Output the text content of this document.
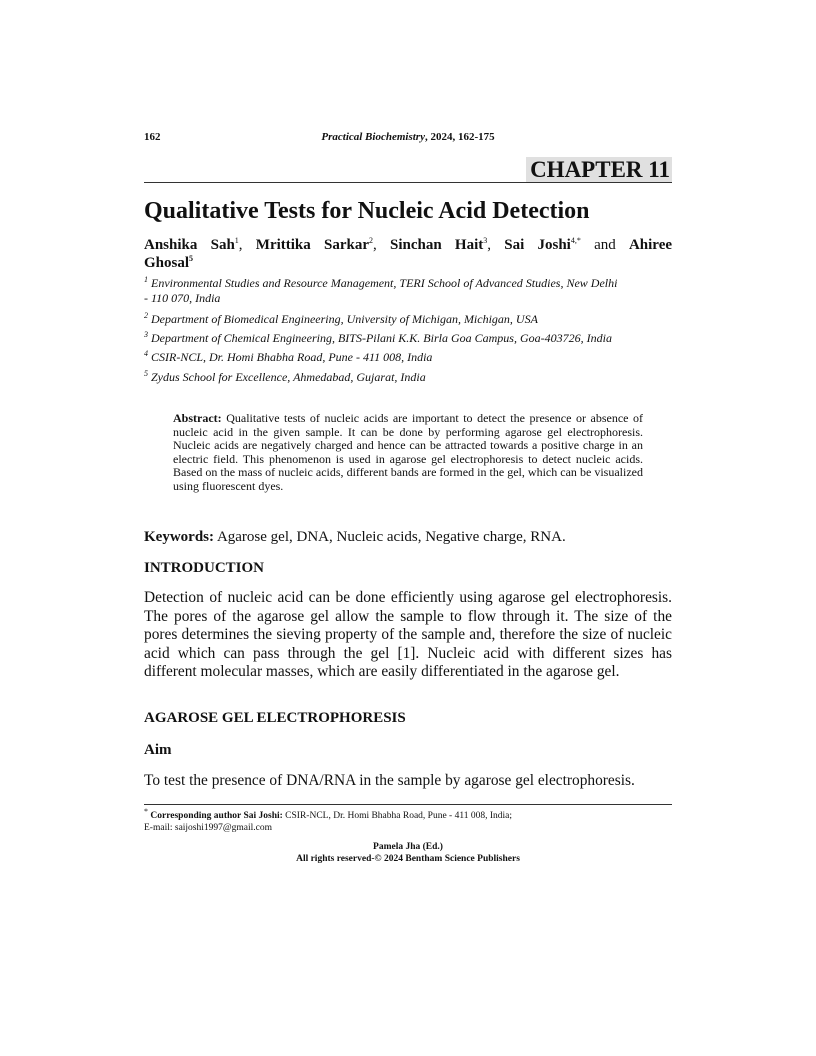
162	Practical Biochemistry, 2024, 162-175
CHAPTER 11
Qualitative Tests for Nucleic Acid Detection
Anshika Sah$^1$, Mrittika Sarkar$^2$, Sinchan Hait$^3$, Sai Joshi$^{4,*}$ and Ahiree
Ghosal$^5$
$^1$ Environmental Studies and Resource Management, TERI School of Advanced Studies, New Delhi
- 110 070, India
$^2$ Department of Biomedical Engineering, University of Michigan, Michigan, USA
$^3$ Department of Chemical Engineering, BITS-Pilani K.K. Birla Goa Campus, Goa-403726, India
$^4$ CSIR-NCL, Dr. Homi Bhabha Road, Pune - 411 008, India
$^5$ Zydus School for Excellence, Ahmedabad, Gujarat, India
Abstract: Qualitative tests of nucleic acids are important to detect the presence or absence of nucleic acid in the given sample. It can be done by performing agarose gel electrophoresis. Nucleic acids are negatively charged and hence can be attracted towards a positive charge in an electric field. This phenomenon is used in agarose gel electrophoresis to detect nucleic acids. Based on the mass of nucleic acids, different bands are formed in the gel, which can be visualized using fluorescent dyes.
Keywords: Agarose gel, DNA, Nucleic acids, Negative charge, RNA.
INTRODUCTION
Detection of nucleic acid can be done efficiently using agarose gel electrophoresis. The pores of the agarose gel allow the sample to flow through it. The size of the pores determines the sieving property of the sample and, therefore the size of nucleic acid which can pass through the gel [1]. Nucleic acid with different sizes has different molecular masses, which are easily differentiated in the agarose gel.
AGAROSE GEL ELECTROPHORESIS
Aim
To test the presence of DNA/RNA in the sample by agarose gel electrophoresis.
* Corresponding author Sai Joshi: CSIR-NCL, Dr. Homi Bhabha Road, Pune - 411 008, India;
E-mail: saijoshi1997@gmail.com
Pamela Jha (Ed.)
All rights reserved-© 2024 Bentham Science Publishers
